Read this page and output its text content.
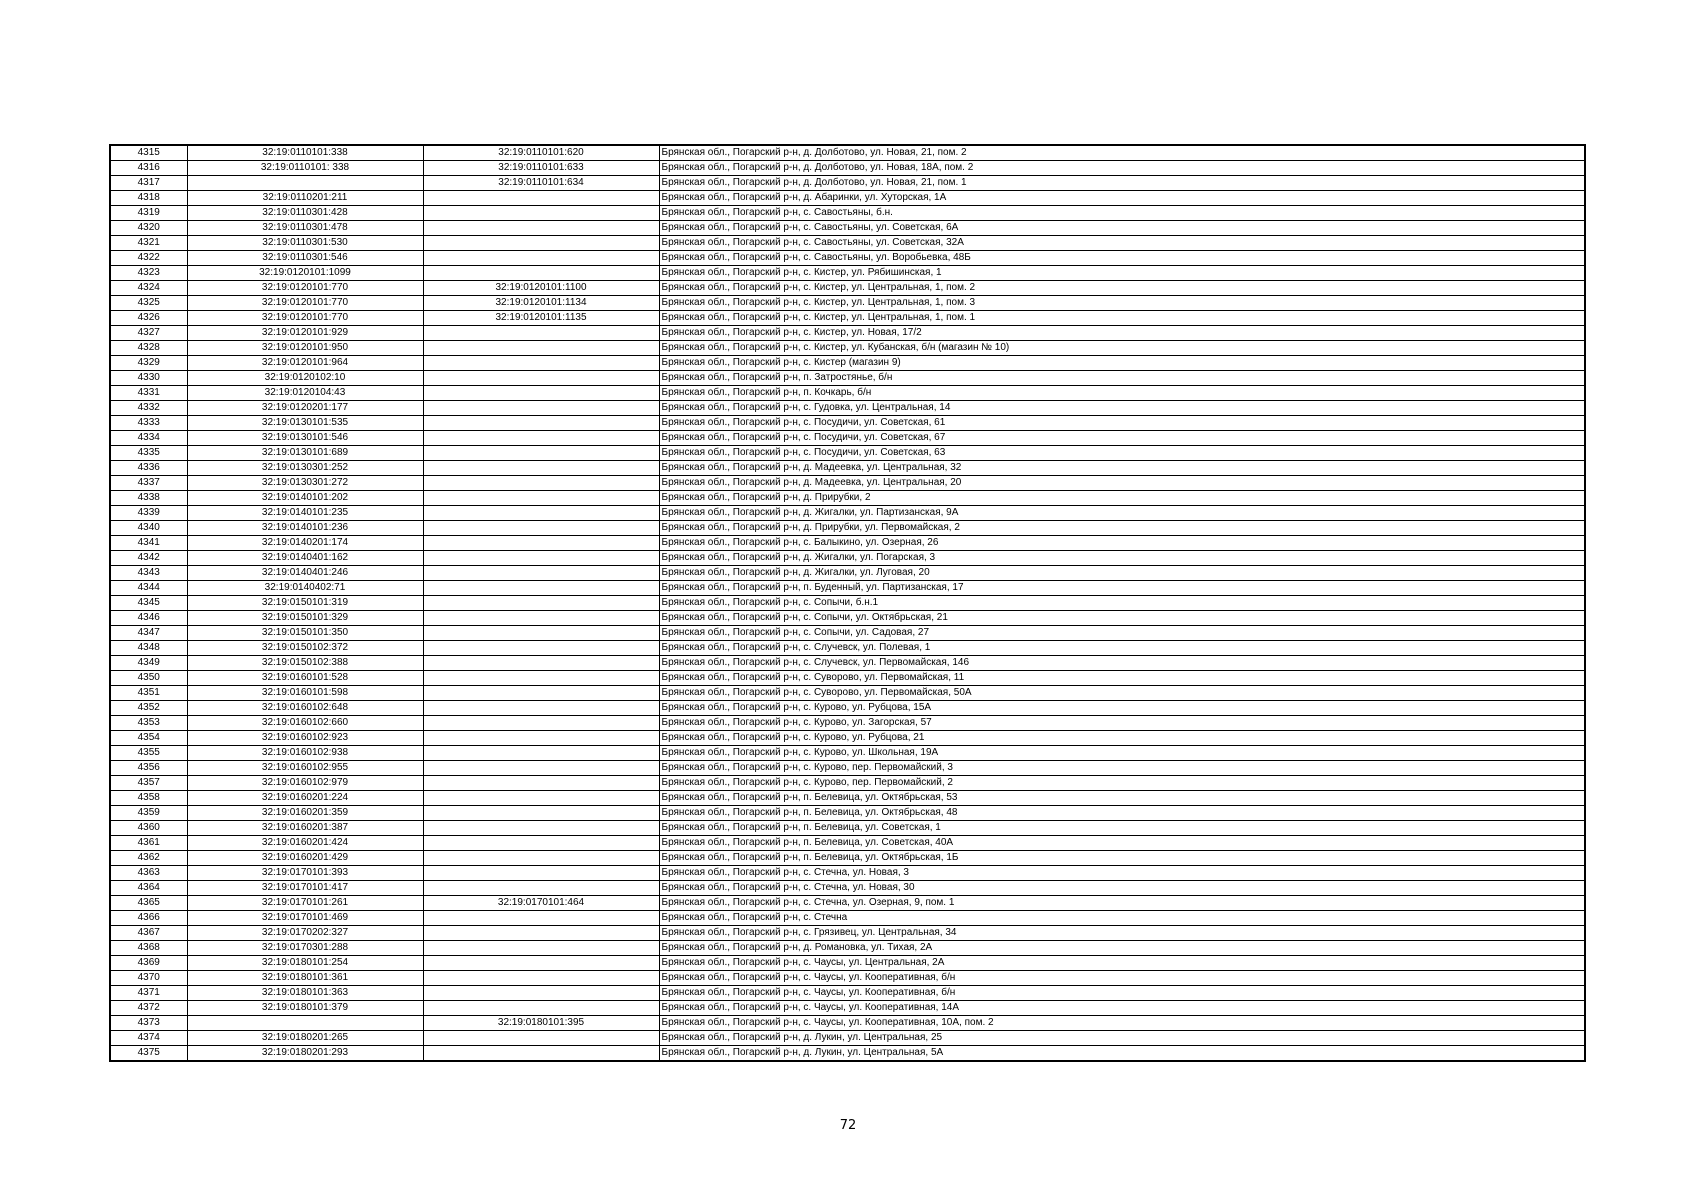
4315	32:19:0110101:338	32:19:0110101:620	Брянская обл., Погарский р-н, д. Долботово, ул. Новая, 21, пом. 2
4316	32:19:0110101: 338	32:19:0110101:633	Брянская обл., Погарский р-н, д. Долботово, ул. Новая, 18А, пом. 2
4317		32:19:0110101:634	Брянская обл., Погарский р-н, д. Долботово, ул. Новая, 21, пом. 1
4318	32:19:0110201:211		Брянская обл., Погарский р-н, д. Абаринки, ул. Хуторская, 1А
4319	32:19:0110301:428		Брянская обл., Погарский р-н, с. Савостьяны, б.н.
4320	32:19:0110301:478		Брянская обл., Погарский р-н, с. Савостьяны, ул. Советская, 6А
4321	32:19:0110301:530		Брянская обл., Погарский р-н, с. Савостьяны, ул. Советская, 32А
4322	32:19:0110301:546		Брянская обл., Погарский р-н, с. Савостьяны, ул. Воробьевка, 48Б
4323	32:19:0120101:1099		Брянская обл., Погарский р-н, с. Кистер, ул. Рябишинская, 1
4324	32:19:0120101:770	32:19:0120101:1100	Брянская обл., Погарский р-н, с. Кистер, ул. Центральная, 1, пом. 2
4325	32:19:0120101:770	32:19:0120101:1134	Брянская обл., Погарский р-н, с. Кистер, ул. Центральная, 1, пом. 3
4326	32:19:0120101:770	32:19:0120101:1135	Брянская обл., Погарский р-н, с. Кистер, ул. Центральная, 1, пом. 1
4327	32:19:0120101:929		Брянская обл., Погарский р-н, с. Кистер, ул. Новая, 17/2
4328	32:19:0120101:950		Брянская обл., Погарский р-н, с. Кистер, ул. Кубанская, б/н (магазин № 10)
4329	32:19:0120101:964		Брянская обл., Погарский р-н, с. Кистер (магазин 9)
4330	32:19:0120102:10		Брянская обл., Погарский р-н, п. Затростянье, б/н
4331	32:19:0120104:43		Брянская обл., Погарский р-н, п. Кочкарь, б/н
4332	32:19:0120201:177		Брянская обл., Погарский р-н, с. Гудовка, ул. Центральная, 14
4333	32:19:0130101:535		Брянская обл., Погарский р-н, с. Посудичи, ул. Советская, 61
4334	32:19:0130101:546		Брянская обл., Погарский р-н, с. Посудичи, ул. Советская, 67
4335	32:19:0130101:689		Брянская обл., Погарский р-н, с. Посудичи, ул. Советская, 63
4336	32:19:0130301:252		Брянская обл., Погарский р-н, д. Мадеевка, ул. Центральная, 32
4337	32:19:0130301:272		Брянская обл., Погарский р-н, д. Мадеевка, ул. Центральная, 20
4338	32:19:0140101:202		Брянская обл., Погарский р-н, д. Прирубки, 2
4339	32:19:0140101:235		Брянская обл., Погарский р-н, д. Жигалки, ул. Партизанская, 9А
4340	32:19:0140101:236		Брянская обл., Погарский р-н, д. Прирубки, ул. Первомайская, 2
4341	32:19:0140201:174		Брянская обл., Погарский р-н, с. Балыкино, ул. Озерная, 26
4342	32:19:0140401:162		Брянская обл., Погарский р-н, д. Жигалки, ул. Погарская, 3
4343	32:19:0140401:246		Брянская обл., Погарский р-н, д. Жигалки, ул. Луговая, 20
4344	32:19:0140402:71		Брянская обл., Погарский р-н, п. Буденный, ул. Партизанская, 17
4345	32:19:0150101:319		Брянская обл., Погарский р-н, с. Сопычи, б.н.1
4346	32:19:0150101:329		Брянская обл., Погарский р-н, с. Сопычи, ул. Октябрьская, 21
4347	32:19:0150101:350		Брянская обл., Погарский р-н, с. Сопычи, ул. Садовая, 27
4348	32:19:0150102:372		Брянская обл., Погарский р-н, с. Случевск, ул. Полевая, 1
4349	32:19:0150102:388		Брянская обл., Погарский р-н, с. Случевск, ул. Первомайская, 146
4350	32:19:0160101:528		Брянская обл., Погарский р-н, с. Суворово, ул. Первомайская, 11
4351	32:19:0160101:598		Брянская обл., Погарский р-н, с. Суворово, ул. Первомайская, 50А
4352	32:19:0160102:648		Брянская обл., Погарский р-н, с. Курово, ул. Рубцова, 15А
4353	32:19:0160102:660		Брянская обл., Погарский р-н, с. Курово, ул. Загорская, 57
4354	32:19:0160102:923		Брянская обл., Погарский р-н, с. Курово, ул. Рубцова, 21
4355	32:19:0160102:938		Брянская обл., Погарский р-н, с. Курово, ул. Школьная, 19А
4356	32:19:0160102:955		Брянская обл., Погарский р-н, с. Курово, пер. Первомайский, 3
4357	32:19:0160102:979		Брянская обл., Погарский р-н, с. Курово, пер. Первомайский, 2
4358	32:19:0160201:224		Брянская обл., Погарский р-н, п. Белевица, ул. Октябрьская, 53
4359	32:19:0160201:359		Брянская обл., Погарский р-н, п. Белевица, ул. Октябрьская, 48
4360	32:19:0160201:387		Брянская обл., Погарский р-н, п. Белевица, ул. Советская, 1
4361	32:19:0160201:424		Брянская обл., Погарский р-н, п. Белевица, ул. Советская, 40А
4362	32:19:0160201:429		Брянская обл., Погарский р-н, п. Белевица, ул. Октябрьская, 1Б
4363	32:19:0170101:393		Брянская обл., Погарский р-н, с. Стечна, ул. Новая, 3
4364	32:19:0170101:417		Брянская обл., Погарский р-н, с. Стечна, ул. Новая, 30
4365	32:19:0170101:261	32:19:0170101:464	Брянская обл., Погарский р-н, с. Стечна, ул. Озерная, 9, пом. 1
4366	32:19:0170101:469		Брянская обл., Погарский р-н, с. Стечна
4367	32:19:0170202:327		Брянская обл., Погарский р-н, с. Грязивец, ул. Центральная, 34
4368	32:19:0170301:288		Брянская обл., Погарский р-н, д. Романовка, ул. Тихая, 2А
4369	32:19:0180101:254		Брянская обл., Погарский р-н, с. Чаусы, ул. Центральная, 2А
4370	32:19:0180101:361		Брянская обл., Погарский р-н, с. Чаусы, ул. Кооперативная, б/н
4371	32:19:0180101:363		Брянская обл., Погарский р-н, с. Чаусы, ул. Кооперативная, б/н
4372	32:19:0180101:379		Брянская обл., Погарский р-н, с. Чаусы, ул. Кооперативная, 14А
4373		32:19:0180101:395	Брянская обл., Погарский р-н, с. Чаусы, ул. Кооперативная, 10А, пом. 2
4374	32:19:0180201:265		Брянская обл., Погарский р-н, д. Лукин, ул. Центральная, 25
4375	32:19:0180201:293		Брянская обл., Погарский р-н, д. Лукин, ул. Центральная, 5А
72
